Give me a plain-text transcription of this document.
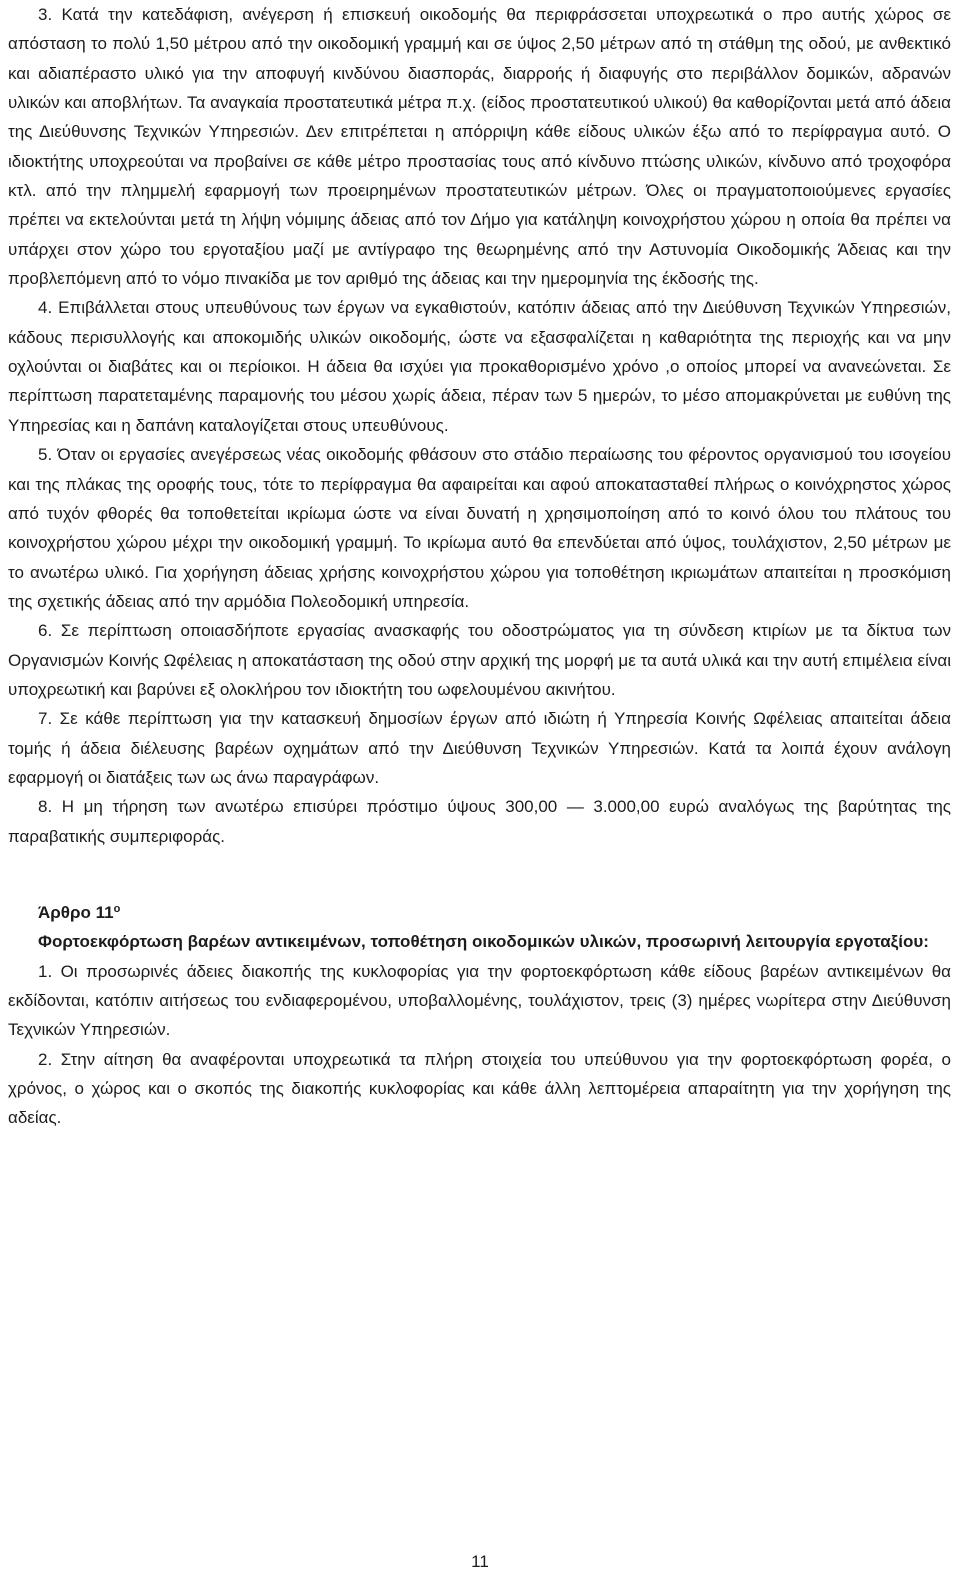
3. Κατά την κατεδάφιση, ανέγερση ή επισκευή οικοδομής θα περιφράσσεται υποχρεωτικά ο προ αυτής χώρος σε απόσταση το πολύ 1,50 μέτρου από την οικοδομική γραμμή και σε ύψος 2,50 μέτρων από τη στάθμη της οδού, με ανθεκτικό και αδιαπέραστο υλικό για την αποφυγή κινδύνου διασποράς, διαρροής ή διαφυγής στο περιβάλλον δομικών, αδρανών υλικών και αποβλήτων. Τα αναγκαία προστατευτικά μέτρα π.χ. (είδος προστατευτικού υλικού) θα καθορίζονται μετά από άδεια της Διεύθυνσης Τεχνικών Υπηρεσιών. Δεν επιτρέπεται η απόρριψη κάθε είδους υλικών έξω από το περίφραγμα αυτό. Ο ιδιοκτήτης υποχρεούται να προβαίνει σε κάθε μέτρο προστασίας τους από κίνδυνο πτώσης υλικών, κίνδυνο από τροχοφόρα κτλ. από την πλημμελή εφαρμογή των προειρημένων προστατευτικών μέτρων. Όλες οι πραγματοποιούμενες εργασίες πρέπει να εκτελούνται μετά τη λήψη νόμιμης άδειας από τον Δήμο για κατάληψη κοινοχρήστου χώρου η οποία θα πρέπει να υπάρχει στον χώρο του εργοταξίου μαζί με αντίγραφο της θεωρημένης από την Αστυνομία Οικοδομικής Άδειας και την προβλεπόμενη από το νόμο πινακίδα με τον αριθμό της άδειας και την ημερομηνία της έκδοσής της.

4. Επιβάλλεται στους υπευθύνους των έργων να εγκαθιστούν, κατόπιν άδειας από την Διεύθυνση Τεχνικών Υπηρεσιών, κάδους περισυλλογής και αποκομιδής υλικών οικοδομής, ώστε να εξασφαλίζεται η καθαριότητα της περιοχής και να μην οχλούνται οι διαβάτες και οι περίοικοι. Η άδεια θα ισχύει για προκαθορισμένο χρόνο ,ο οποίος μπορεί να ανανεώνεται. Σε περίπτωση παρατεταμένης παραμονής του μέσου χωρίς άδεια, πέραν των 5 ημερών, το μέσο απομακρύνεται με ευθύνη της Υπηρεσίας και η δαπάνη καταλογίζεται στους υπευθύνους.

5. Όταν οι εργασίες ανεγέρσεως νέας οικοδομής φθάσουν στο στάδιο περαίωσης του φέροντος οργανισμού του ισογείου και της πλάκας της οροφής τους, τότε το περίφραγμα θα αφαιρείται και αφού αποκατασταθεί πλήρως ο κοινόχρηστος χώρος από τυχόν φθορές θα τοποθετείται ικρίωμα ώστε να είναι δυνατή η χρησιμοποίηση από το κοινό όλου του πλάτους του κοινοχρήστου χώρου μέχρι την οικοδομική γραμμή. Το ικρίωμα αυτό θα επενδύεται από ύψος, τουλάχιστον, 2,50 μέτρων με το ανωτέρω υλικό. Για χορήγηση άδειας χρήσης κοινοχρήστου χώρου για τοποθέτηση ικριωμάτων απαιτείται η προσκόμιση της σχετικής άδειας από την αρμόδια Πολεοδομική υπηρεσία.

6. Σε περίπτωση οποιασδήποτε εργασίας ανασκαφής του οδοστρώματος για τη σύνδεση κτιρίων με τα δίκτυα των Οργανισμών Κοινής Ωφέλειας η αποκατάσταση της οδού στην αρχική της μορφή με τα αυτά υλικά και την αυτή επιμέλεια είναι υποχρεωτική και βαρύνει εξ ολοκλήρου τον ιδιοκτήτη του ωφελουμένου ακινήτου.

7. Σε κάθε περίπτωση για την κατασκευή δημοσίων έργων από ιδιώτη ή Υπηρεσία Κοινής Ωφέλειας απαιτείται άδεια τομής ή άδεια διέλευσης βαρέων οχημάτων από την Διεύθυνση Τεχνικών Υπηρεσιών. Κατά τα λοιπά έχουν ανάλογη εφαρμογή οι διατάξεις των ως άνω παραγράφων.

8. Η μη τήρηση των ανωτέρω επισύρει πρόστιμο ύψους 300,00 — 3.000,00 ευρώ αναλόγως της βαρύτητας της παραβατικής συμπεριφοράς.

Άρθρο $11^o$

Φορτοεκφόρτωση βαρέων αντικειμένων, τοποθέτηση οικοδομικών υλικών, προσωρινή λειτουργία εργοταξίου:

1. Οι προσωρινές άδειες διακοπής της κυκλοφορίας για την φορτοεκφόρτωση κάθε είδους βαρέων αντικειμένων θα εκδίδονται, κατόπιν αιτήσεως του ενδιαφερομένου, υποβαλλομένης, τουλάχιστον, τρεις (3) ημέρες νωρίτερα στην Διεύθυνση Τεχνικών Υπηρεσιών.

2. Στην αίτηση θα αναφέρονται υποχρεωτικά τα πλήρη στοιχεία του υπεύθυνου για την φορτοεκφόρτωση φορέα, ο χρόνος, ο χώρος και ο σκοπός της διακοπής κυκλοφορίας και κάθε άλλη λεπτομέρεια απαραίτητη για την χορήγηση της αδείας.

11
